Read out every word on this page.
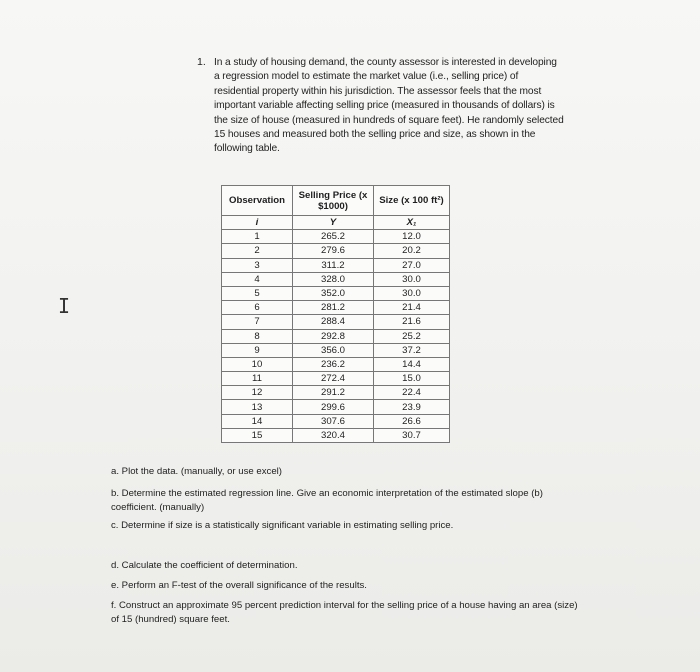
I
1. In a study of housing demand, the county assessor is interested in developing a regression model to estimate the market value (i.e., selling price) of residential property within his jurisdiction. The assessor feels that the most important variable affecting selling price (measured in thousands of dollars) is the size of house (measured in hundreds of square feet). He randomly selected 15 houses and measured both the selling price and size, as shown in the following table.
Observation	Selling Price (x $1000)	Size (x 100 ft²)
i	Y	X₁
1	265.2	12.0
2	279.6	20.2
3	311.2	27.0
4	328.0	30.0
5	352.0	30.0
6	281.2	21.4
7	288.4	21.6
8	292.8	25.2
9	356.0	37.2
10	236.2	14.4
11	272.4	15.0
12	291.2	22.4
13	299.6	23.9
14	307.6	26.6
15	320.4	30.7

a. Plot the data. (manually, or use excel)

b. Determine the estimated regression line. Give an economic interpretation of the estimated slope (b) coefficient. (manually)

c. Determine if size is a statistically significant variable in estimating selling price.

d. Calculate the coefficient of determination.

e. Perform an F-test of the overall significance of the results.

f. Construct an approximate 95 percent prediction interval for the selling price of a house having an area (size) of 15 (hundred) square feet.
